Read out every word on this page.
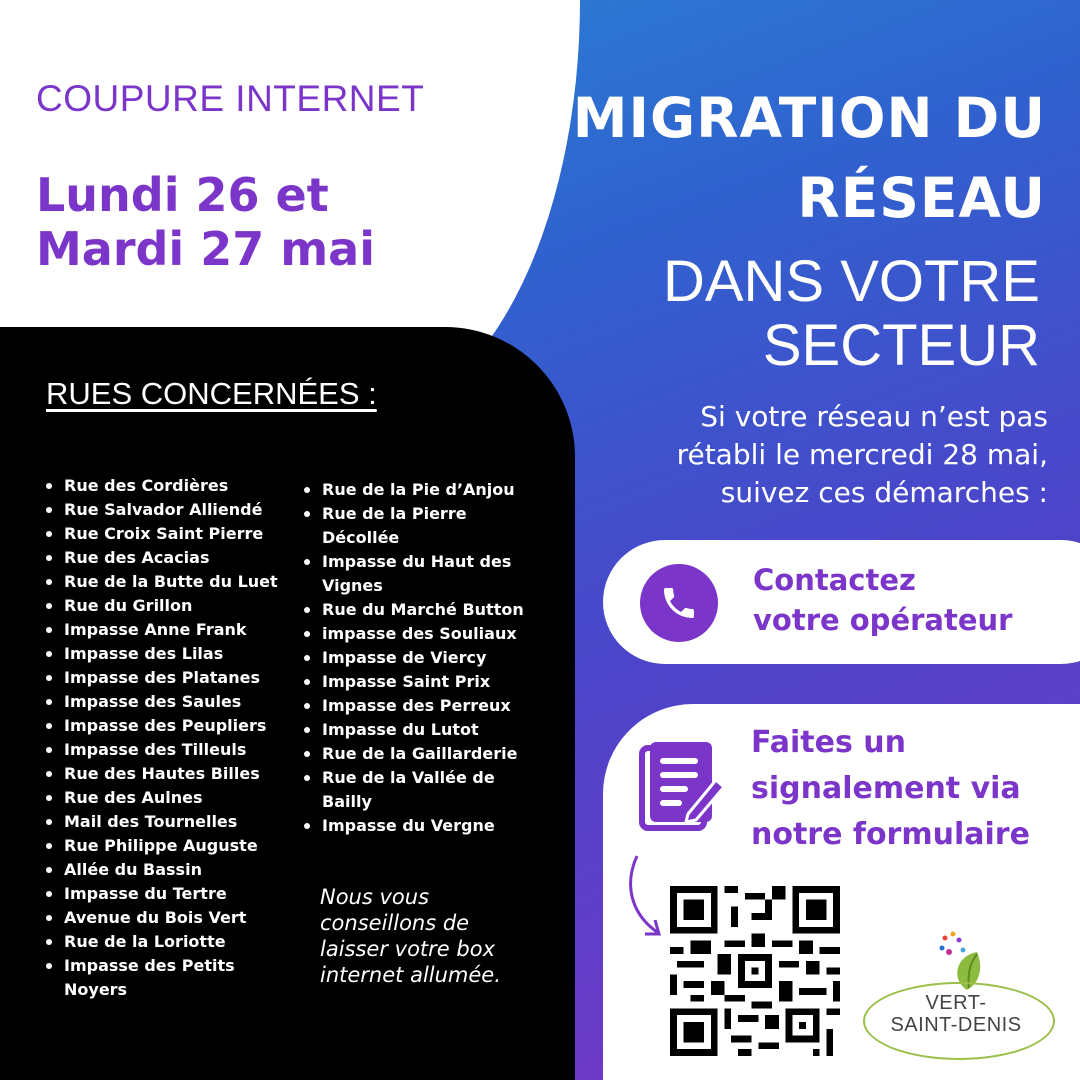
COUPURE INTERNET
Lundi 26 et
Mardi 27 mai
MIGRATION DU
RÉSEAU
DANS VOTRE
SECTEUR
Si votre réseau n’est pas
rétabli le mercredi 28 mai,
suivez ces démarches :
RUES CONCERNÉES :
Rue des Cordières
Rue Salvador Alliendé
Rue Croix Saint Pierre
Rue des Acacias
Rue de la Butte du Luet
Rue du Grillon
Impasse Anne Frank
Impasse des Lilas
Impasse des Platanes
Impasse des Saules
Impasse des Peupliers
Impasse des Tilleuls
Rue des Hautes Billes
Rue des Aulnes
Mail des Tournelles
Rue Philippe Auguste
Allée du Bassin
Impasse du Tertre
Avenue du Bois Vert
Rue de la Loriotte
Impasse des Petits Noyers
Rue de la Pie d’Anjou
Rue de la Pierre Décollée
Impasse du Haut des Vignes
Rue du Marché Button
impasse des Souliaux
Impasse de Viercy
Impasse Saint Prix
Impasse des Perreux
Impasse du Lutot
Rue de la Gaillarderie
Rue de la Vallée de Bailly
Impasse du Vergne
Nous vous
conseillons de
laisser votre box
internet allumée.
Contactez
votre opérateur
Faites un
signalement via
notre formulaire
VERT-
SAINT-DENIS
